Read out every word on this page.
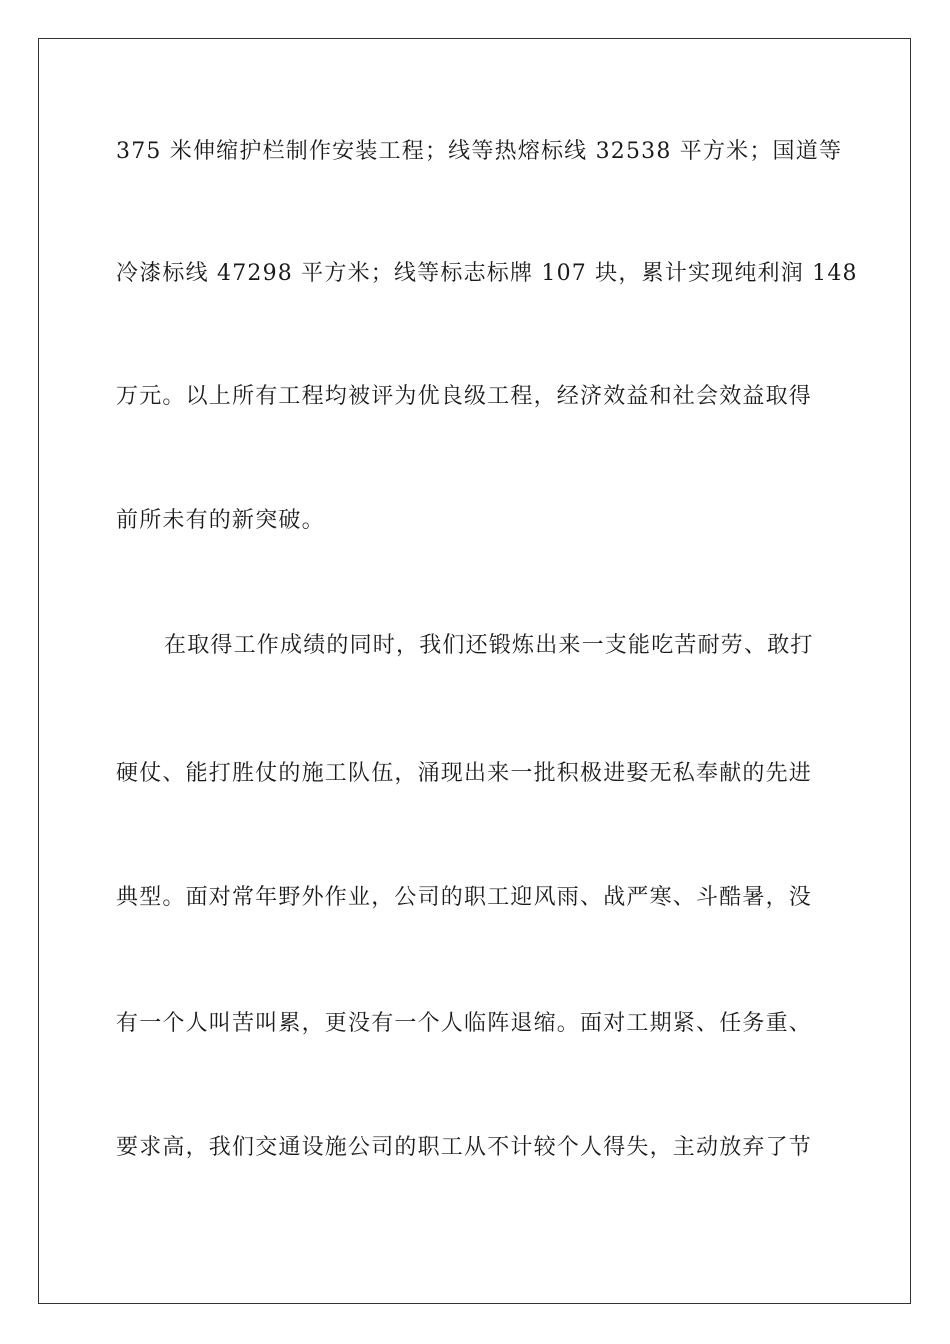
375 米伸缩护栏制作安装工程；线等热熔标线 32538 平方米；国道等
冷漆标线 47298 平方米；线等标志标牌 107 块，累计实现纯利润 148
万元。以上所有工程均被评为优良级工程，经济效益和社会效益取得
前所未有的新突破。
在取得工作成绩的同时，我们还锻炼出来一支能吃苦耐劳、敢打
硬仗、能打胜仗的施工队伍，涌现出来一批积极进娶无私奉献的先进
典型。面对常年野外作业，公司的职工迎风雨、战严寒、斗酷暑，没
有一个人叫苦叫累，更没有一个人临阵退缩。面对工期紧、任务重、
要求高，我们交通设施公司的职工从不计较个人得失，主动放弃了节
